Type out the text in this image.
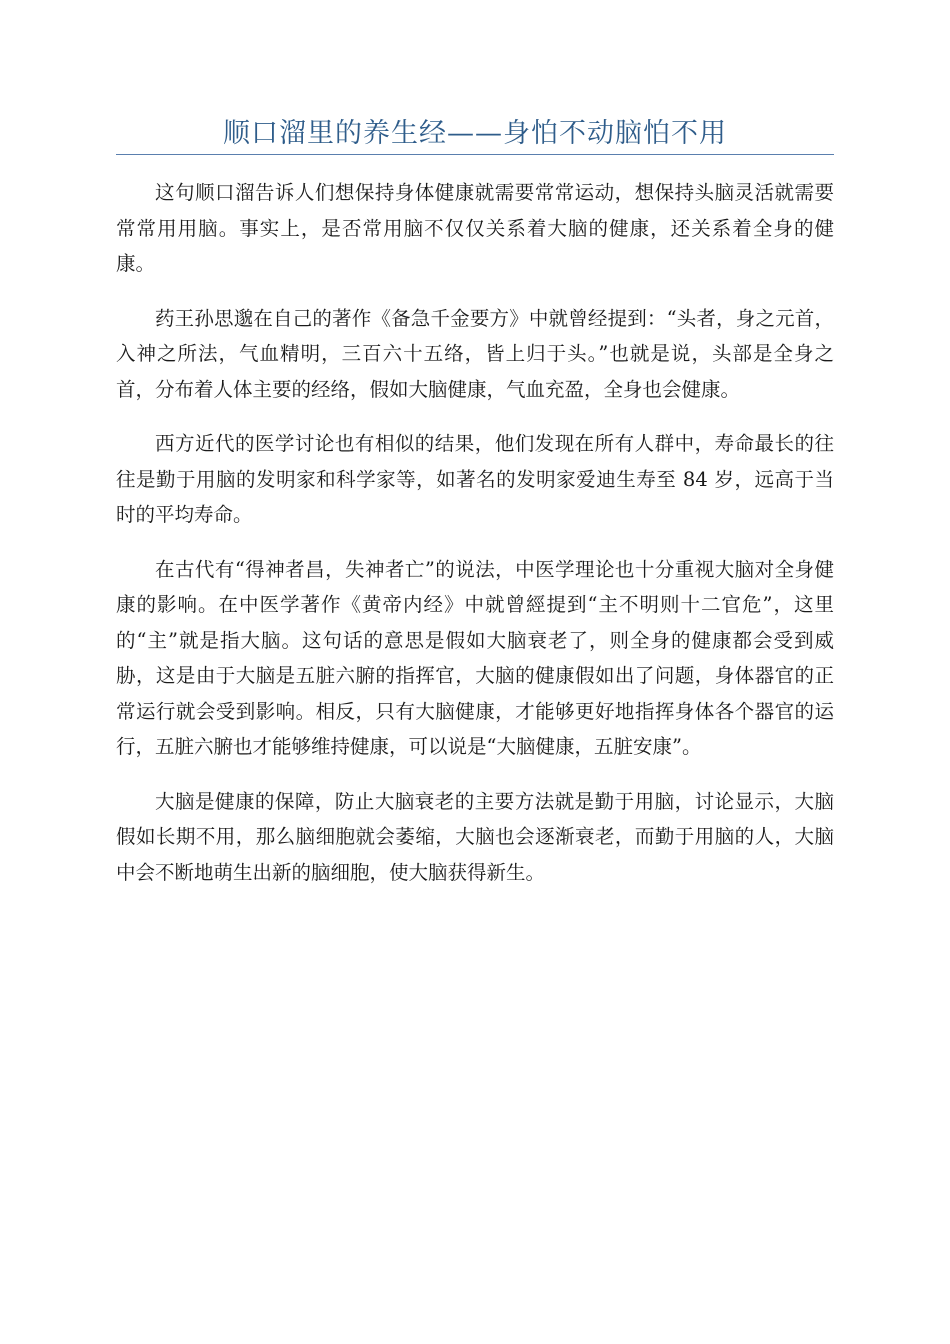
顺口溜里的养生经——身怕不动脑怕不用

这句顺口溜告诉人们想保持身体健康就需要常常运动，想保持头脑灵活就需要常常用用脑。事实上，是否常用脑不仅仅关系着大脑的健康，还关系着全身的健康。

药王孙思邈在自己的著作《备急千金要方》中就曾经提到：“头者，身之元首，入神之所法，气血精明，三百六十五络，皆上归于头。”也就是说，头部是全身之首，分布着人体主要的经络，假如大脑健康，气血充盈，全身也会健康。

西方近代的医学讨论也有相似的结果，他们发现在所有人群中，寿命最长的往往是勤于用脑的发明家和科学家等，如著名的发明家爱迪生寿至 84 岁，远高于当时的平均寿命。

在古代有“得神者昌，失神者亡”的说法，中医学理论也十分重视大脑对全身健康的影响。在中医学著作《黄帝内经》中就曾經提到“主不明则十二官危”，这里的“主”就是指大脑。这句话的意思是假如大脑衰老了，则全身的健康都会受到威胁，这是由于大脑是五脏六腑的指挥官，大脑的健康假如出了问题，身体器官的正常运行就会受到影响。相反，只有大脑健康，才能够更好地指挥身体各个器官的运行，五脏六腑也才能够维持健康，可以说是“大脑健康，五脏安康”。

大脑是健康的保障，防止大脑衰老的主要方法就是勤于用脑，讨论显示，大脑假如长期不用，那么脑细胞就会萎缩，大脑也会逐渐衰老，而勤于用脑的人，大脑中会不断地萌生出新的脑细胞，使大脑获得新生。
